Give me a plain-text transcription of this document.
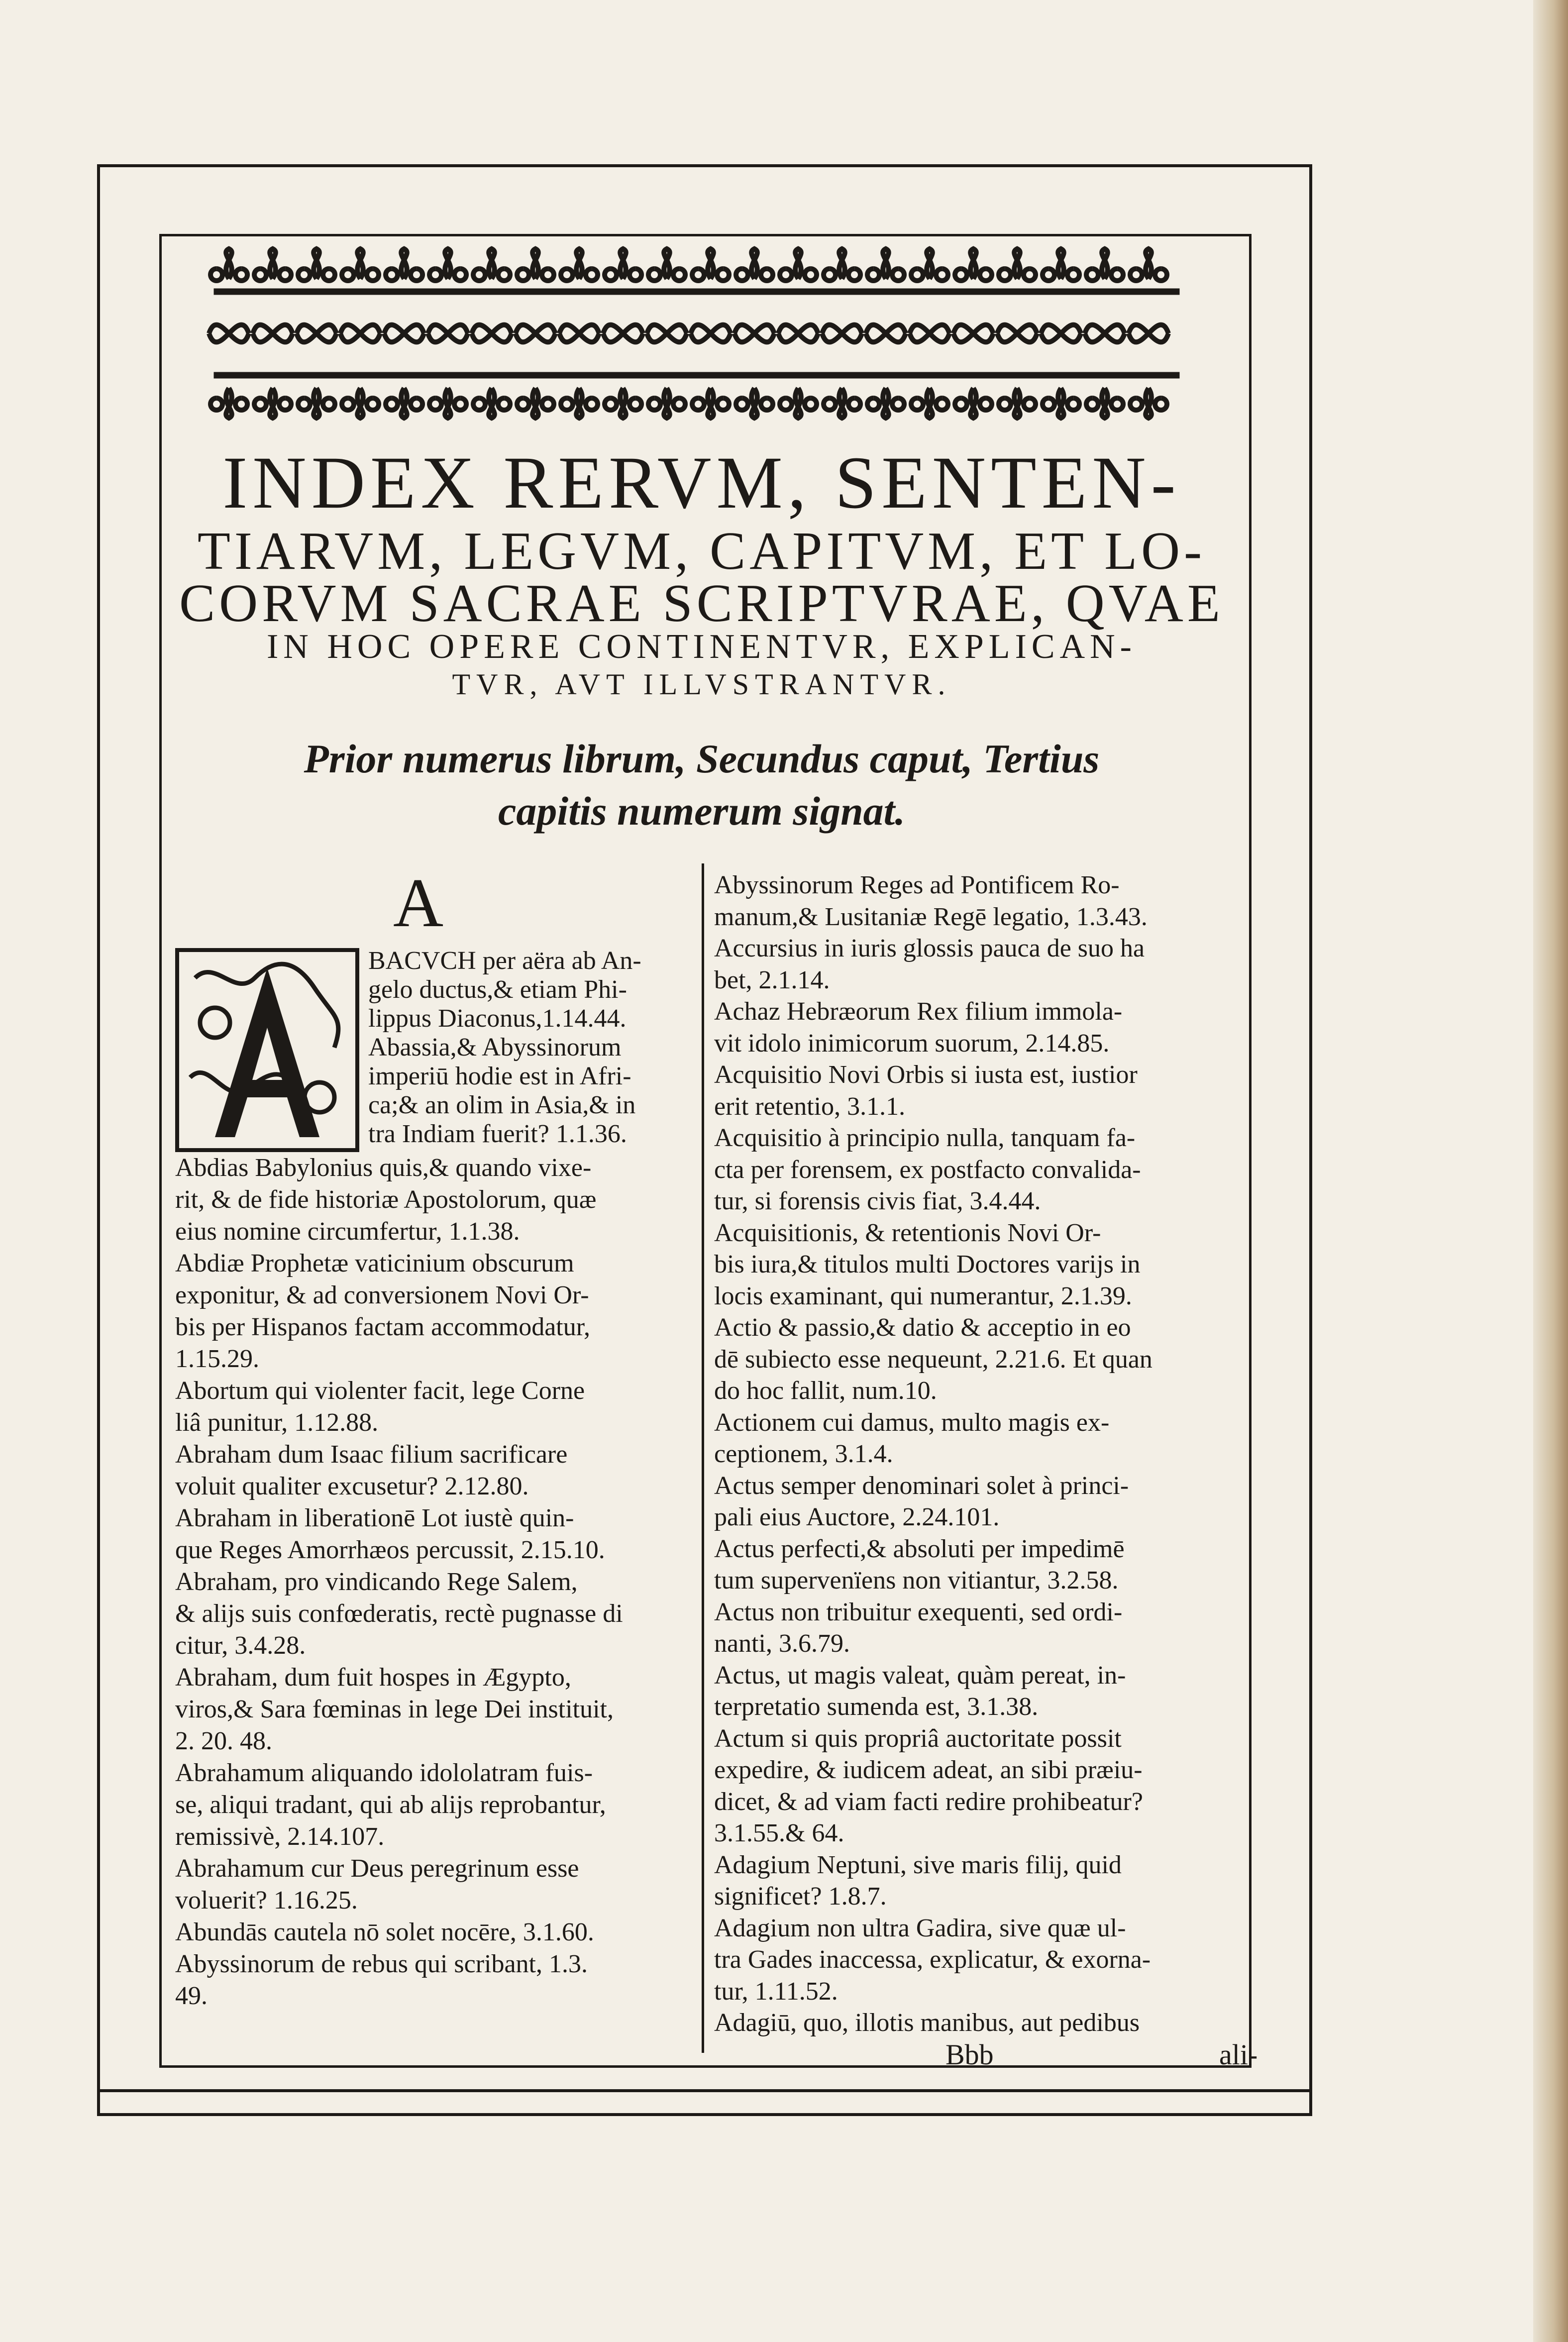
INDEX RERVM, SENTEN-
TIARVM, LEGVM, CAPITVM, ET LO-
CORVM SACRAE SCRIPTVRAE, QVAE
IN HOC OPERE CONTINENTVR, EXPLICAN-
TVR, AVT ILLVSTRANTVR.
Prior numerus librum, Secundus caput, Tertius
capitis numerum signat.
A
BACVCH per aëra ab An-
gelo ductus,& etiam Phi-
lippus Diaconus,1.14.44.
Abassia,& Abyssinorum
imperiū hodie est in Afri-
ca;& an olim in Asia,& in
tra Indiam fuerit? 1.1.36.
Abdias Babylonius quis,& quando vixe-
rit, & de fide historiæ Apostolorum, quæ
eius nomine circumfertur, 1.1.38.
Abdiæ Prophetæ vaticinium obscurum
exponitur, & ad conversionem Novi Or-
bis per Hispanos factam accommodatur,
1.15.29.
Abortum qui violenter facit, lege Corne
liâ punitur, 1.12.88.
Abraham dum Isaac filium sacrificare
voluit qualiter excusetur? 2.12.80.
Abraham in liberationē Lot iustè quin-
que Reges Amorrhæos percussit, 2.15.10.
Abraham, pro vindicando Rege Salem,
& alijs suis confœderatis, rectè pugnasse di
citur, 3.4.28.
Abraham, dum fuit hospes in Ægypto,
viros,& Sara fœminas in lege Dei instituit,
2. 20. 48.
Abrahamum aliquando idololatram fuis-
se, aliqui tradant, qui ab alijs reprobantur,
remissivè, 2.14.107.
Abrahamum cur Deus peregrinum esse
voluerit? 1.16.25.
Abundās cautela nō solet nocēre, 3.1.60.
Abyssinorum de rebus qui scribant, 1.3.
49.
Abyssinorum Reges ad Pontificem Ro-
manum,& Lusitaniæ Regē legatio, 1.3.43.
Accursius in iuris glossis pauca de suo ha
bet, 2.1.14.
Achaz Hebræorum Rex filium immola-
vit idolo inimicorum suorum, 2.14.85.
Acquisitio Novi Orbis si iusta est, iustior
erit retentio, 3.1.1.
Acquisitio à principio nulla, tanquam fa-
cta per forensem, ex postfacto convalida-
tur, si forensis civis fiat, 3.4.44.
Acquisitionis, & retentionis Novi Or-
bis iura,& titulos multi Doctores varijs in
locis examinant, qui numerantur, 2.1.39.
Actio & passio,& datio & acceptio in eo
dē subiecto esse nequeunt, 2.21.6. Et quan
do hoc fallit, num.10.
Actionem cui damus, multo magis ex-
ceptionem, 3.1.4.
Actus semper denominari solet à princi-
pali eius Auctore, 2.24.101.
Actus perfecti,& absoluti per impedimē
tum supervenïens non vitiantur, 3.2.58.
Actus non tribuitur exequenti, sed ordi-
nanti, 3.6.79.
Actus, ut magis valeat, quàm pereat, in-
terpretatio sumenda est, 3.1.38.
Actum si quis propriâ auctoritate possit
expedire, & iudicem adeat, an sibi præiu-
dicet, & ad viam facti redire prohibeatur?
3.1.55.& 64.
Adagium Neptuni, sive maris filij, quid
significet? 1.8.7.
Adagium non ultra Gadira, sive quæ ul-
tra Gades inaccessa, explicatur, & exorna-
tur, 1.11.52.
Adagiū, quo, illotis manibus, aut pedibus
Bbb	ali-
